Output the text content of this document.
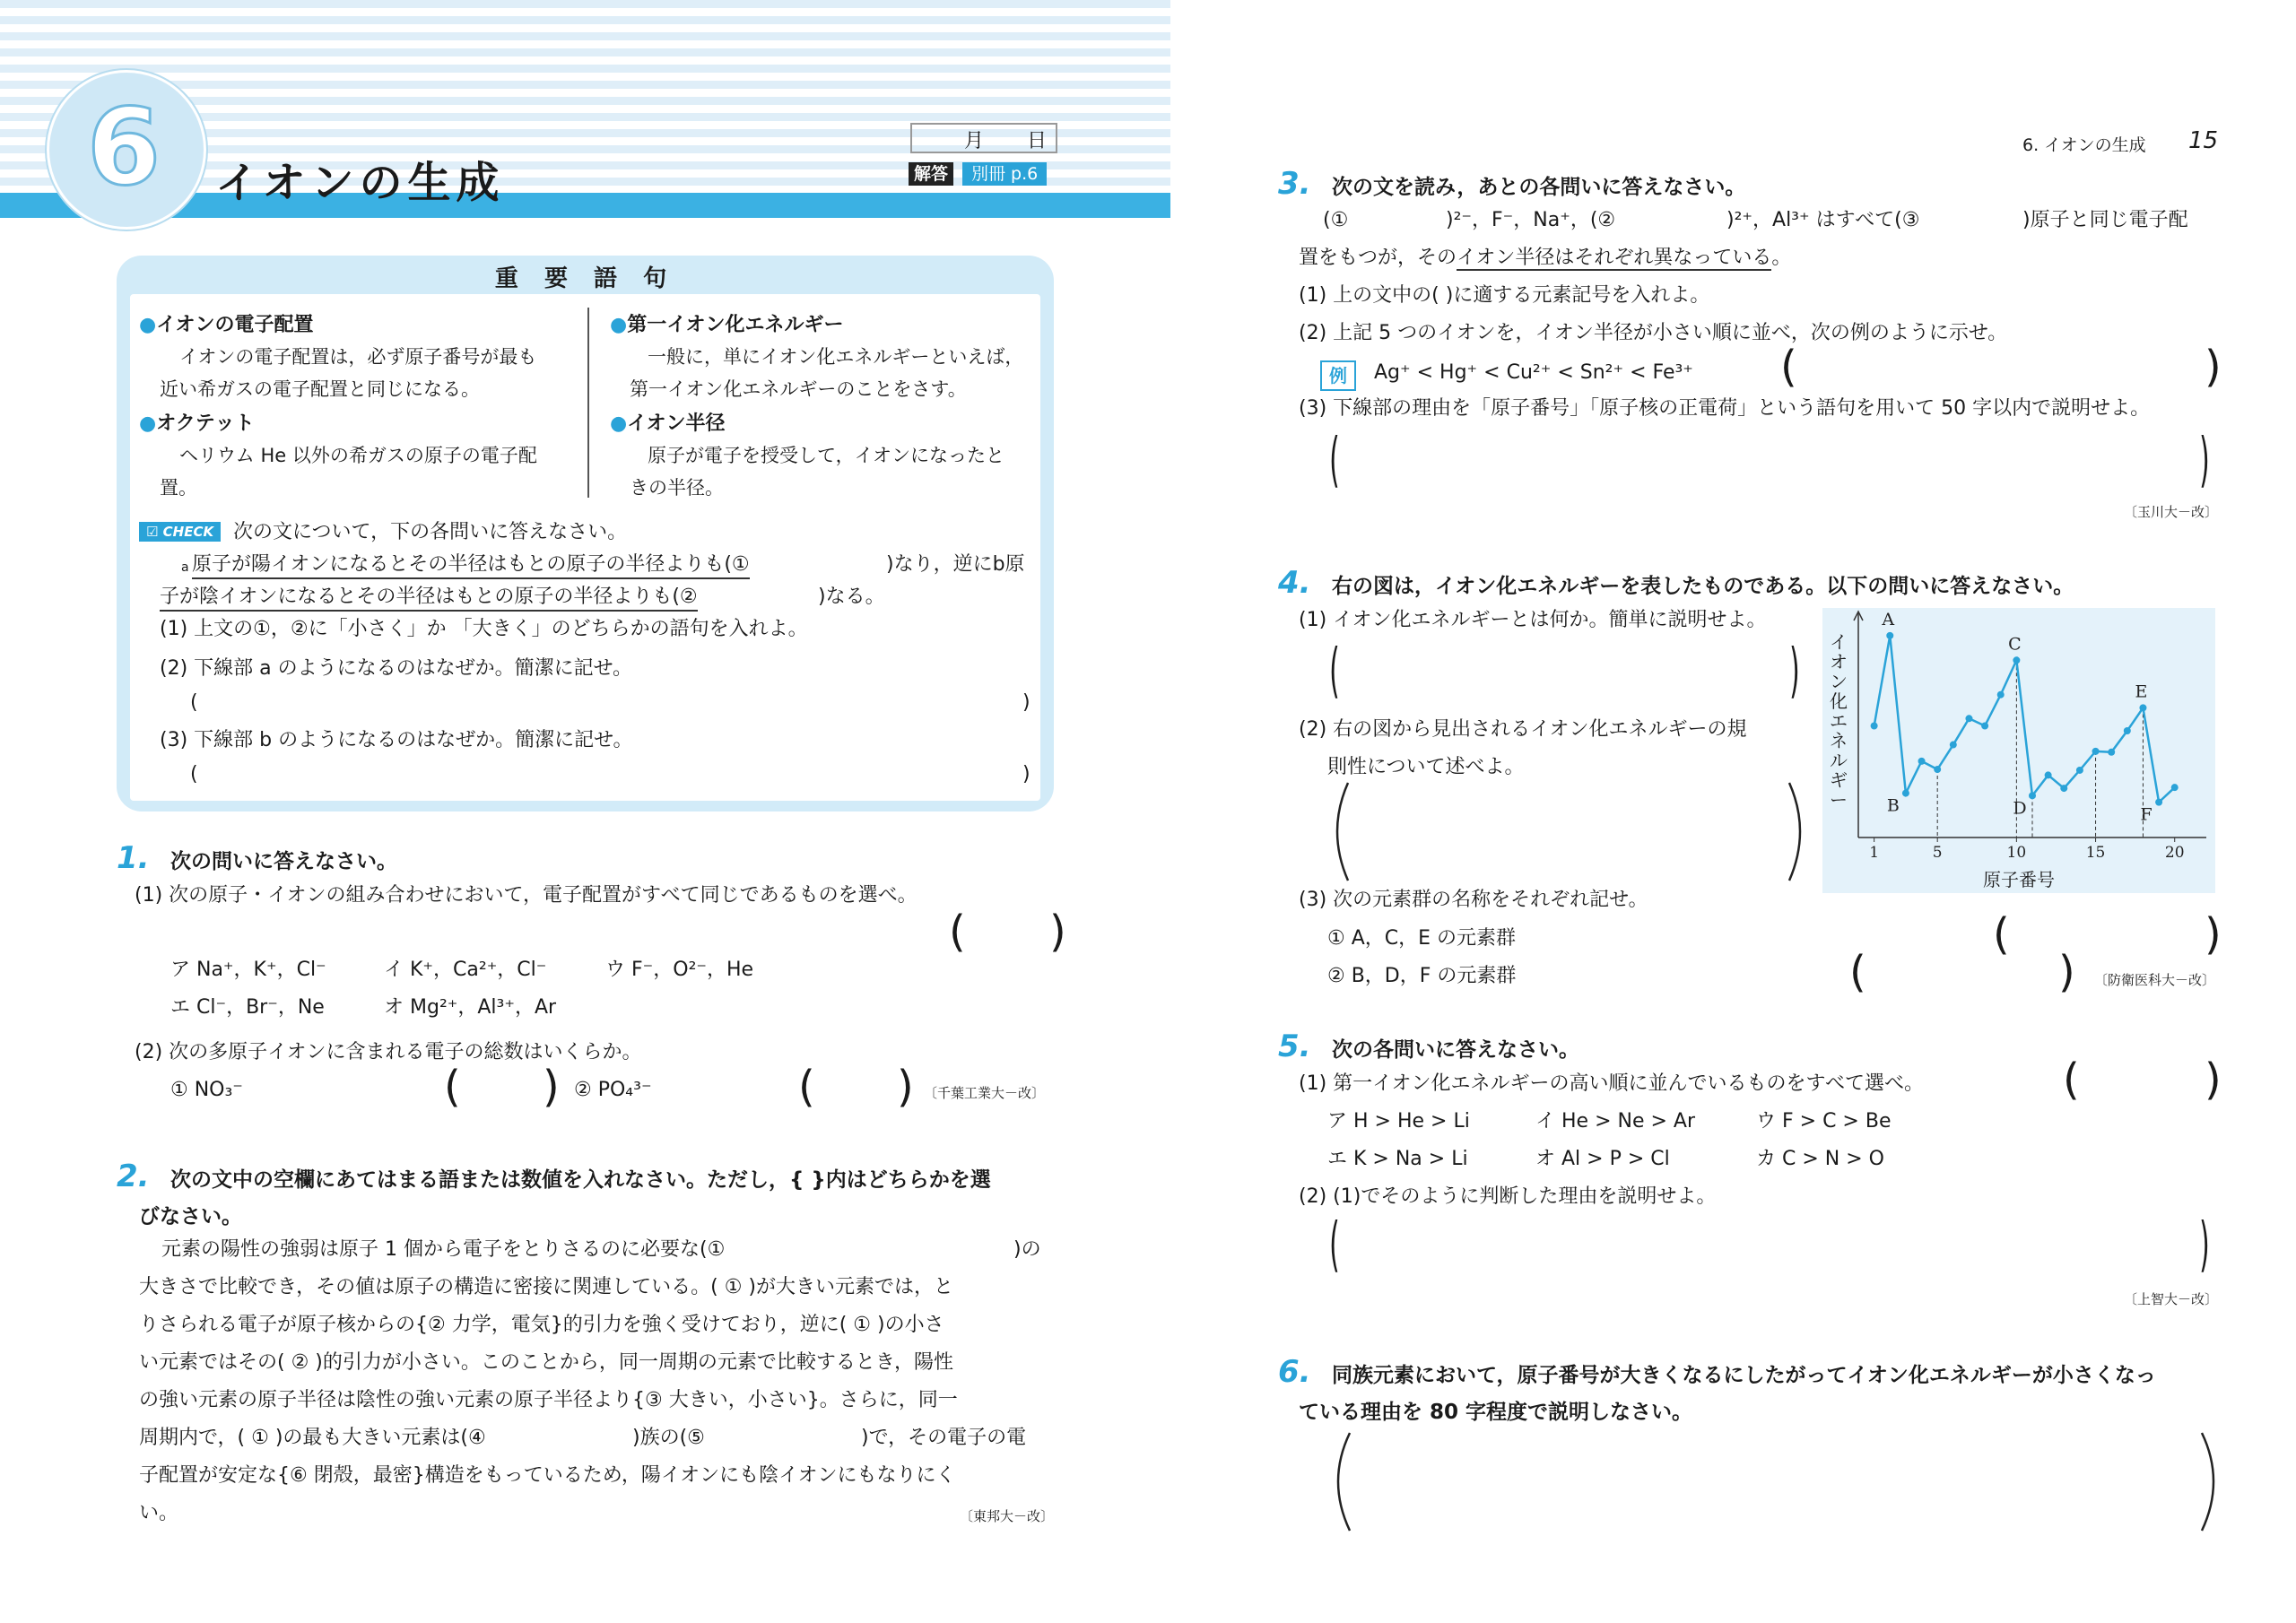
6	イオンの生成
月 日
解答	別冊 p.6
重 要 語 句
●イオンの電子配置
イオンの電子配置は，必ず原子番号が最も
近い希ガスの電子配置と同じになる。
●オクテット
ヘリウム He 以外の希ガスの原子の電子配
置。
●第一イオン化エネルギー
一般に，単にイオン化エネルギーといえば，
第一イオン化エネルギーのことをさす。
●イオン半径
原子が電子を授受して，イオンになったと
きの半径。
☑ CHECK 次の文について，下の各問いに答えなさい。
a 原子が陽イオンになるとその半径はもとの原子の半径よりも(①	)なり，逆にb原
子が陰イオンになるとその半径はもとの原子の半径よりも(②	)なる。
(1) 上文の①，②に「小さく」か 「大きく」のどちらかの語句を入れよ。
(2) 下線部 a のようになるのはなぜか。簡潔に記せ。
(	)
(3) 下線部 b のようになるのはなぜか。簡潔に記せ。
(	)
1. 次の問いに答えなさい。
(1) 次の原子・イオンの組み合わせにおいて，電子配置がすべて同じであるものを選べ。
( )
ア Na⁺，K⁺，Cl⁻	イ K⁺，Ca²⁺，Cl⁻	ウ F⁻，O²⁻，He
エ Cl⁻，Br⁻，Ne	オ Mg²⁺，Al³⁺，Ar
(2) 次の多原子イオンに含まれる電子の総数はいくらか。
① NO₃⁻	( ) ② PO₄³⁻	( ) 〔千葉工業大－改〕
2. 次の文中の空欄にあてはまる語または数値を入れなさい。ただし，{ }内はどちらかを選
びなさい。
元素の陽性の強弱は原子 1 個から電子をとりさるのに必要な(①	)の
大きさで比較でき，その値は原子の構造に密接に関連している。( ① )が大きい元素では，と
りさられる電子が原子核からの{② 力学，電気}的引力を強く受けており，逆に( ① )の小さ
い元素ではその( ② )的引力が小さい。このことから，同一周期の元素で比較するとき，陽性
の強い元素の原子半径は陰性の強い元素の原子半径より{③ 大きい，小さい}。さらに，同一
周期内で，( ① )の最も大きい元素は(④	)族の(⑤	)で，その電子の電
子配置が安定な{⑥ 閉殻，最密}構造をもっているため，陽イオンにも陰イオンにもなりにく
い。	〔東邦大－改〕
6. イオンの生成 15
3. 次の文を読み，あとの各問いに答えなさい。
(①	)²⁻，F⁻，Na⁺，(②	)²⁺，Al³⁺ はすべて(③	)原子と同じ電子配
置をもつが，そのイオン半径はそれぞれ異なっている。
(1) 上の文中の( )に適する元素記号を入れよ。
(2) 上記 5 つのイオンを，イオン半径が小さい順に並べ，次の例のように示せ。
例	Ag⁺ < Hg⁺ < Cu²⁺ < Sn²⁺ < Fe³⁺ (	)
(3) 下線部の理由を「原子番号」「原子核の正電荷」という語句を用いて 50 字以内で説明せよ。
(	)
〔玉川大－改〕
4. 右の図は，イオン化エネルギーを表したものである。以下の問いに答えなさい。
(1) イオン化エネルギーとは何か。簡単に説明せよ。
(	)
(2) 右の図から見出されるイオン化エネルギーの規
則性について述べよ。
(3) 次の元素群の名称をそれぞれ記せ。
① A，C，E の元素群	(	)
② B，D，F の元素群	(	) 〔防衛医科大－改〕
1	5	10	15	20
A
B
C
D
E
F
イオン化エネルギー
原子番号
5. 次の各問いに答えなさい。
(1) 第一イオン化エネルギーの高い順に並んでいるものをすべて選べ。	(	)
ア H > He > Li	イ He > Ne > Ar	ウ F > C > Be
エ K > Na > Li	オ Al > P > Cl	カ C > N > O
(2) (1)でそのように判断した理由を説明せよ。
(	)
〔上智大－改〕
6. 同族元素において，原子番号が大きくなるにしたがってイオン化エネルギーが小さくなっ
ている理由を 80 字程度で説明しなさい。
